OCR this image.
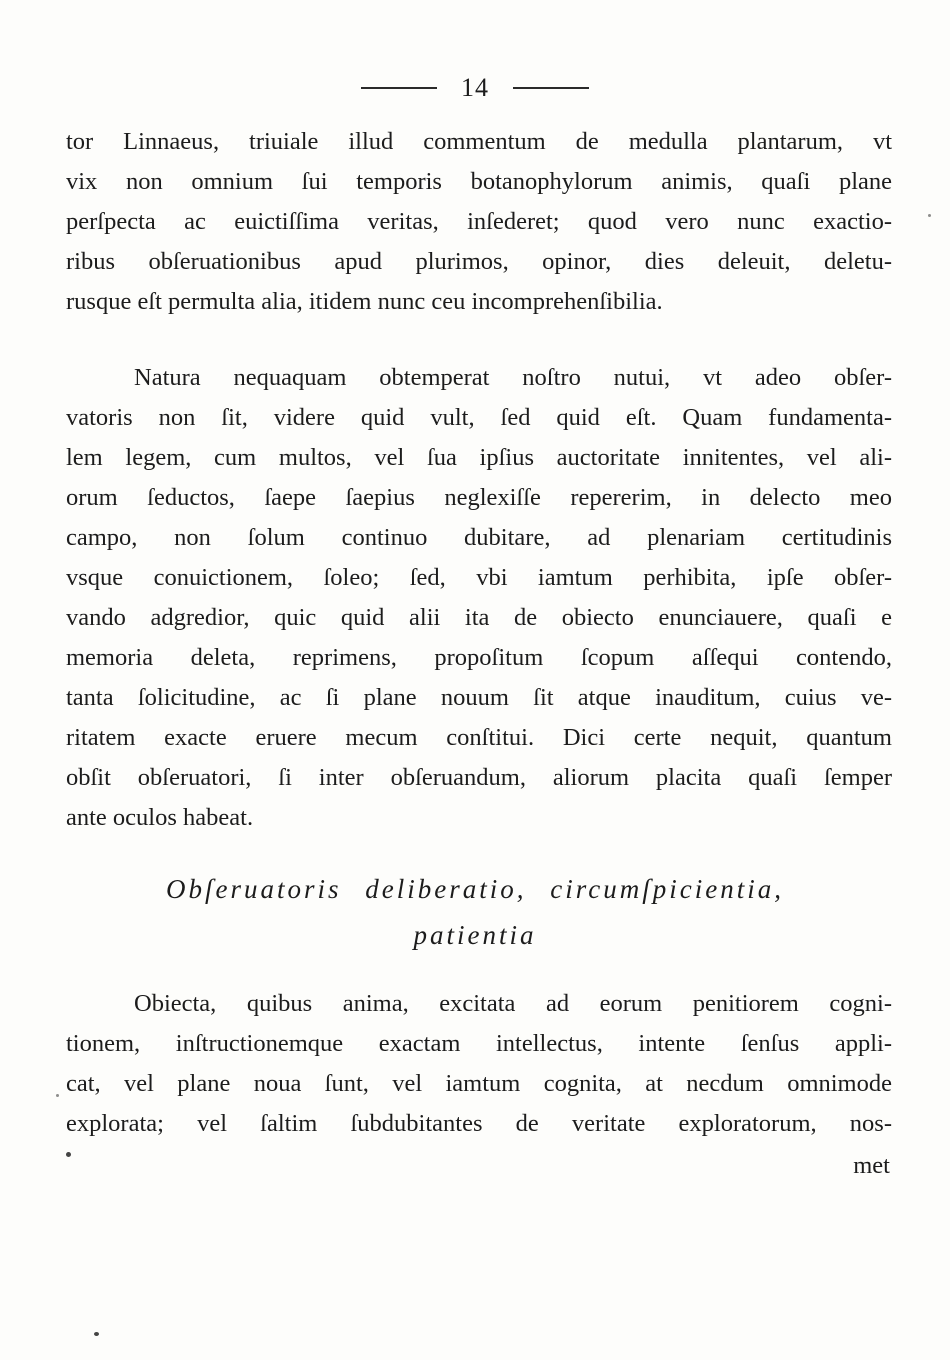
14
tor Linnaeus, triuiale illud commentum de medulla plantarum, vt
vix non omnium ſui temporis botanophylorum animis, quaſi plane
perſpecta ac euictiſſima veritas, inſederet; quod vero nunc exactio-
ribus obſeruationibus apud plurimos, opinor, dies deleuit, deletu-
rusque eſt permulta alia, itidem nunc ceu incomprehenſibilia.
Natura nequaquam obtemperat noſtro nutui, vt adeo obſer-
vatoris non ſit, videre quid vult, ſed quid eſt. Quam fundamenta-
lem legem, cum multos, vel ſua ipſius auctoritate innitentes, vel ali-
orum ſeductos, ſaepe ſaepius neglexiſſe repererim, in delecto meo
campo, non ſolum continuo dubitare, ad plenariam certitudinis
vsque conuictionem, ſoleo; ſed, vbi iamtum perhibita, ipſe obſer-
vando adgredior, quic quid alii ita de obiecto enunciauere, quaſi e
memoria deleta, reprimens, propoſitum ſcopum aſſequi contendo,
tanta ſolicitudine, ac ſi plane nouum ſit atque inauditum, cuius ve-
ritatem exacte eruere mecum conſtitui. Dici certe nequit, quantum
obſit obſeruatori, ſi inter obſeruandum, aliorum placita quaſi ſemper
ante oculos habeat.
Obſeruatoris deliberatio, circumſpicientia,
patientia
Obiecta, quibus anima, excitata ad eorum penitiorem cogni-
tionem, inſtructionemque exactam intellectus, intente ſenſus appli-
cat, vel plane noua ſunt, vel iamtum cognita, at necdum omnimode
explorata; vel ſaltim ſubdubitantes de veritate exploratorum, nos-
met
